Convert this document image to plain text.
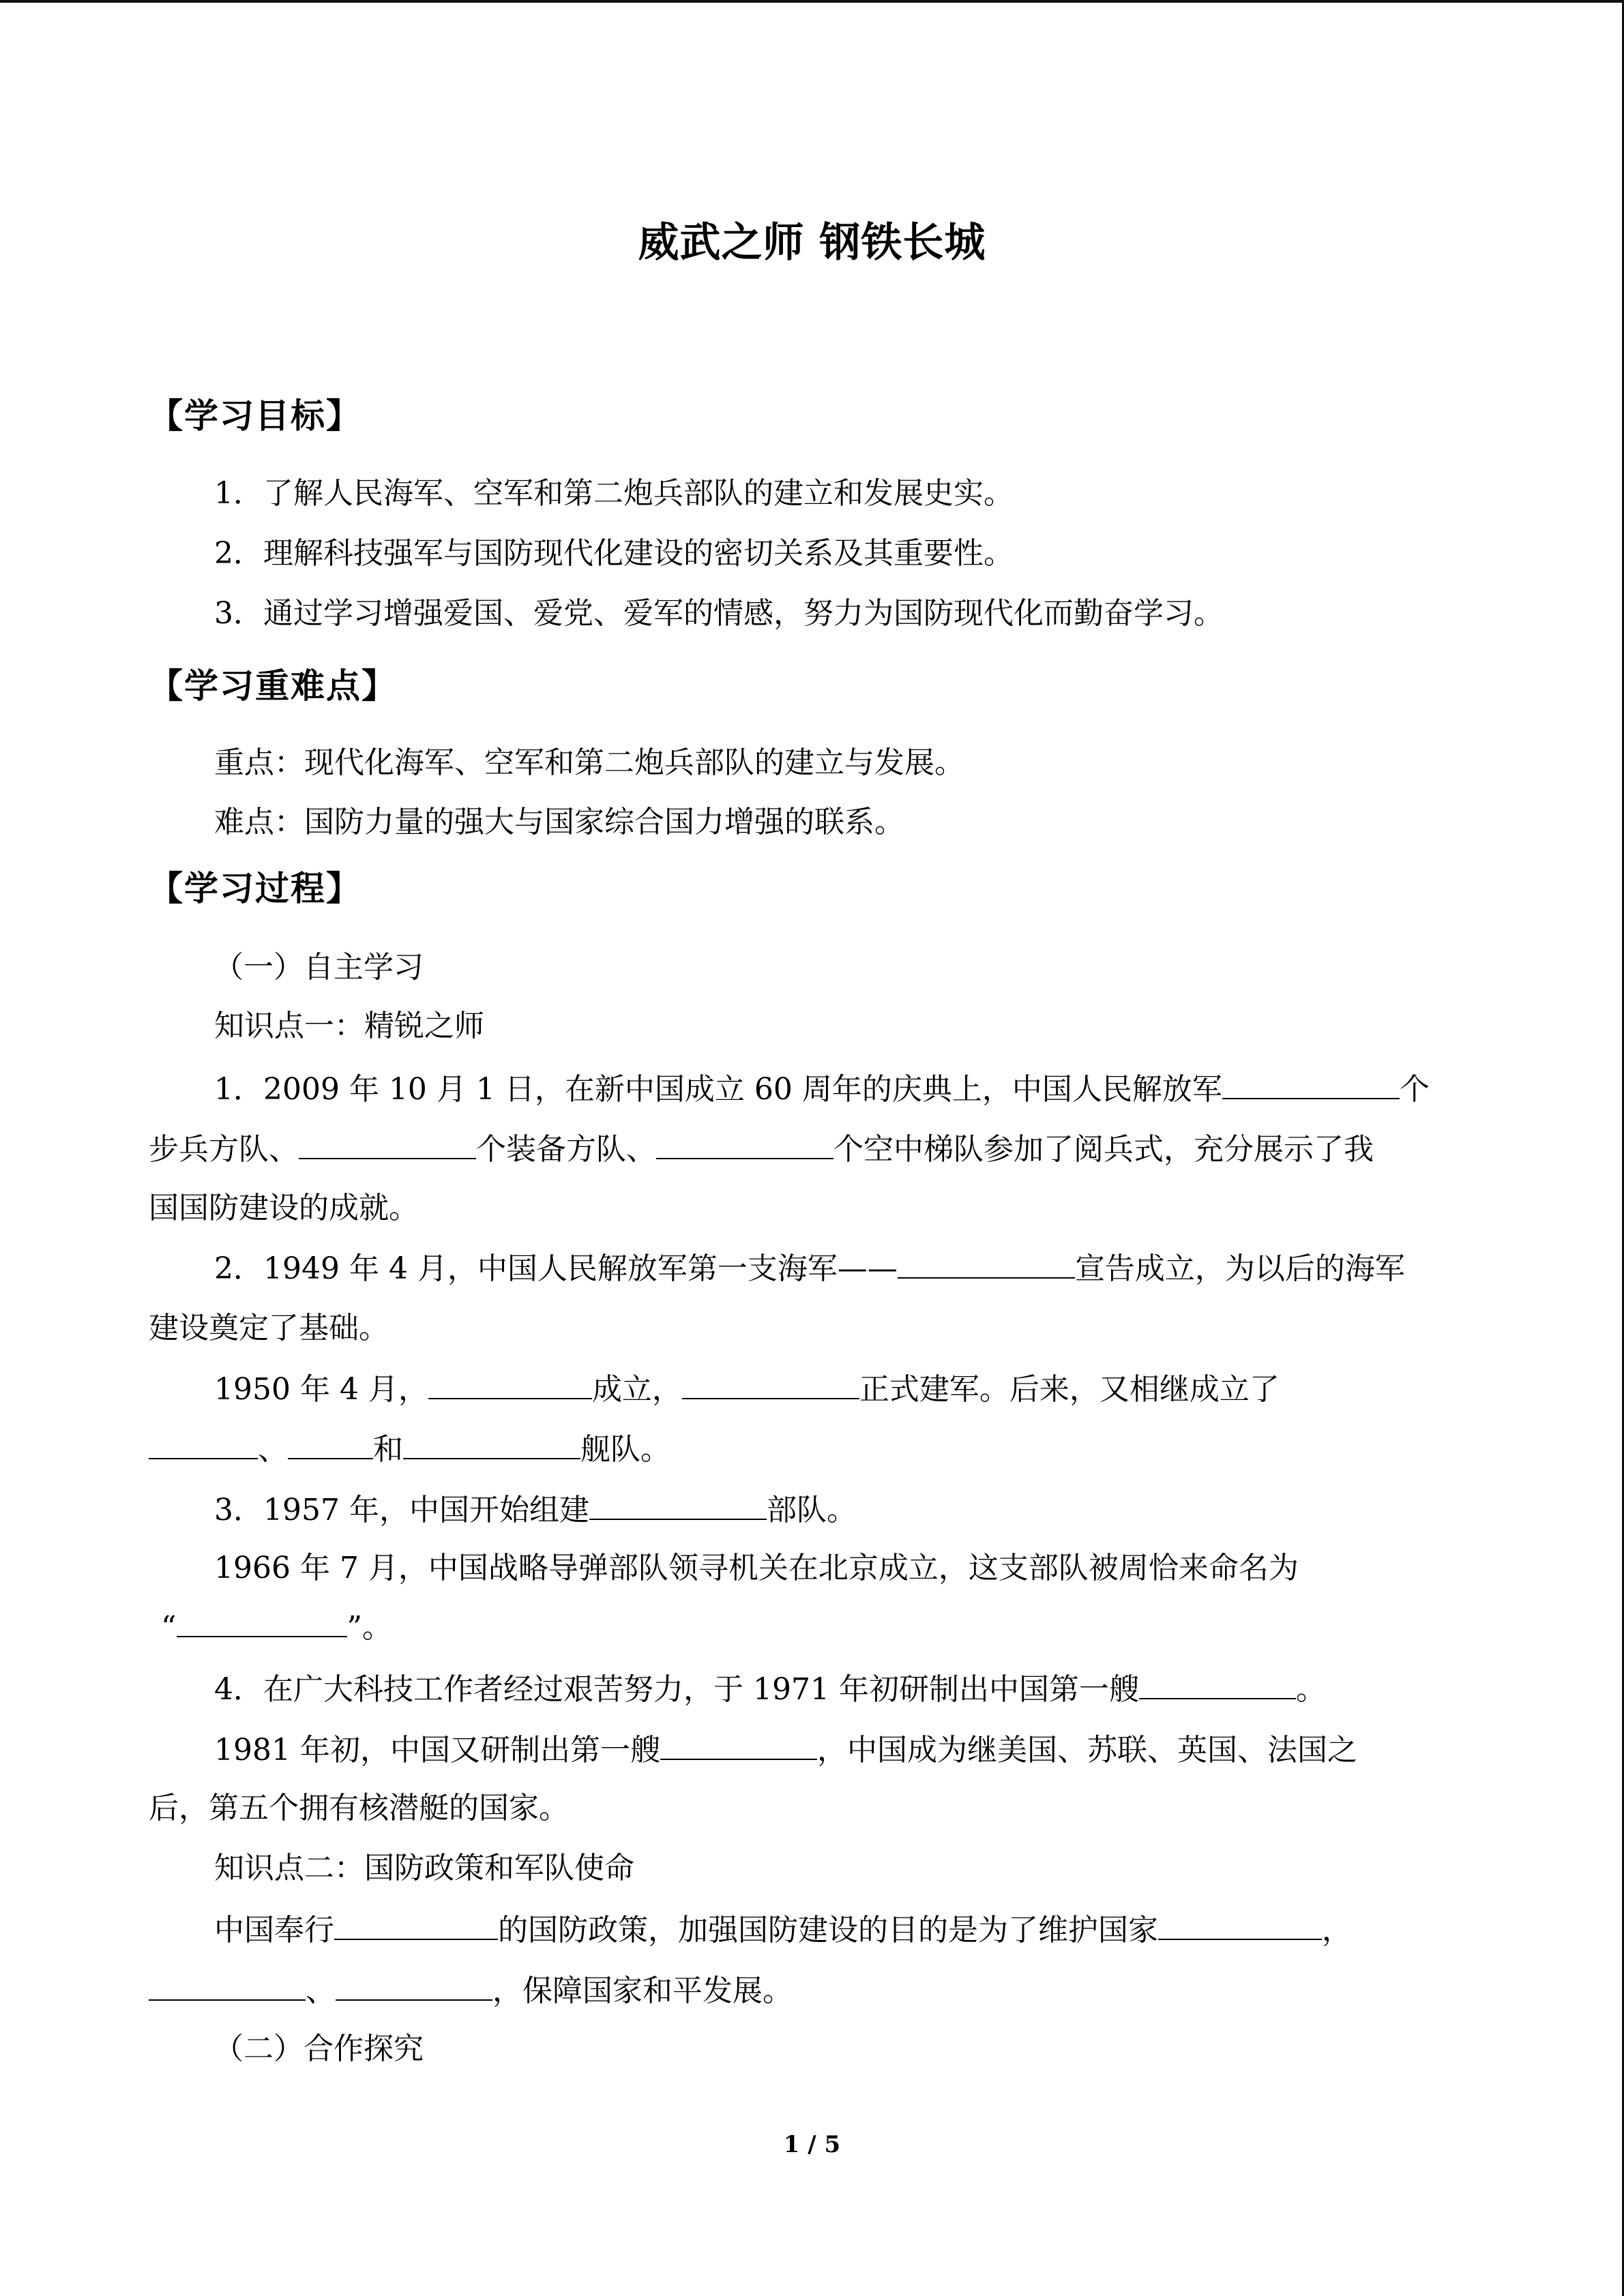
威武之师 钢铁长城
【学习目标】
1．了解人民海军、空军和第二炮兵部队的建立和发展史实。
2．理解科技强军与国防现代化建设的密切关系及其重要性。
3．通过学习增强爱国、爱党、爱军的情感，努力为国防现代化而勤奋学习。
【学习重难点】
重点：现代化海军、空军和第二炮兵部队的建立与发展。
难点：国防力量的强大与国家综合国力增强的联系。
【学习过程】
（一）自主学习
知识点一：精锐之师
1．2009 年 10 月 1 日，在新中国成立 60 周年的庆典上，中国人民解放军	个
步兵方队、	个装备方队、	个空中梯队参加了阅兵式，充分展示了我
国国防建设的成就。
2．1949 年 4 月，中国人民解放军第一支海军——	宣告成立，为以后的海军
建设奠定了基础。
1950 年 4 月，	成立，	正式建军。后来，又相继成立了
、	和	舰队。
3．1957 年，中国开始组建	部队。
1966 年 7 月，中国战略导弹部队领寻机关在北京成立，这支部队被周恰来命名为
“	”。
4．在广大科技工作者经过艰苦努力，于 1971 年初研制出中国第一艘	。
1981 年初，中国又研制出第一艘	，中国成为继美国、苏联、英国、法国之
后，第五个拥有核潜艇的国家。
知识点二：国防政策和军队使命
中国奉行	的国防政策，加强国防建设的目的是为了维护国家	，
、	，保障国家和平发展。
（二）合作探究
1 / 5
